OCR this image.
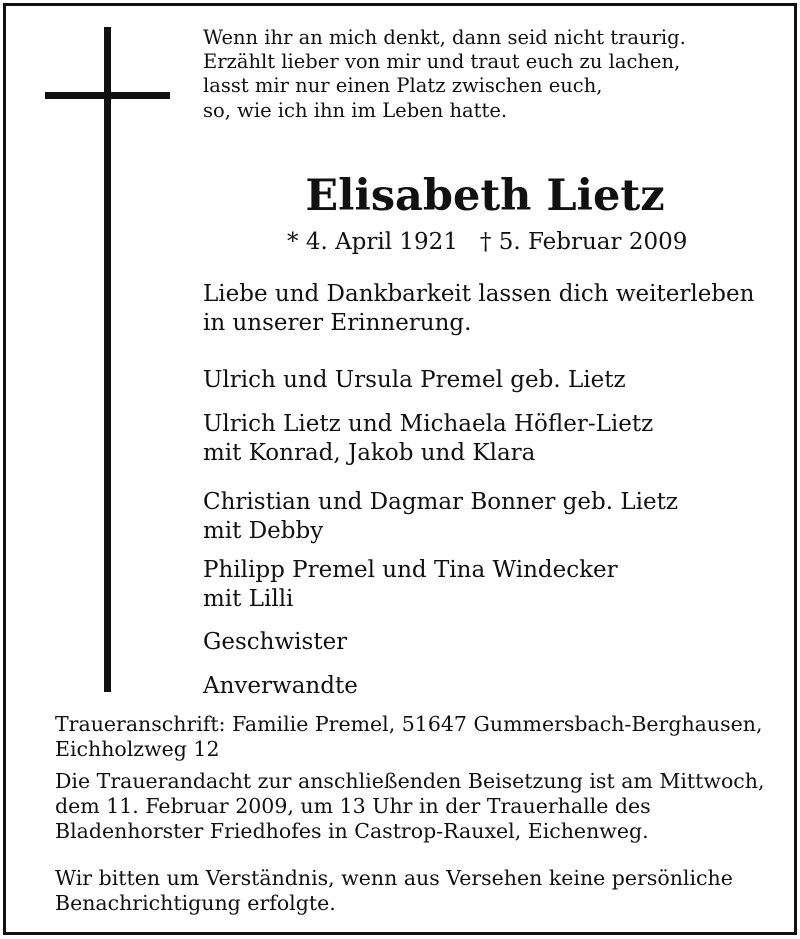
Wenn ihr an mich denkt, dann seid nicht traurig.
Erzählt lieber von mir und traut euch zu lachen,
lasst mir nur einen Platz zwischen euch,
so, wie ich ihn im Leben hatte.
Elisabeth Lietz
* 4. April 1921 † 5. Februar 2009
Liebe und Dankbarkeit lassen dich weiterleben
in unserer Erinnerung.
Ulrich und Ursula Premel geb. Lietz
Ulrich Lietz und Michaela Höfler-Lietz
mit Konrad, Jakob und Klara
Christian und Dagmar Bonner geb. Lietz
mit Debby
Philipp Premel und Tina Windecker
mit Lilli
Geschwister
Anverwandte
Traueranschrift: Familie Premel, 51647 Gummersbach-Berghausen,
Eichholzweg 12
Die Trauerandacht zur anschließenden Beisetzung ist am Mittwoch,
dem 11. Februar 2009, um 13 Uhr in der Trauerhalle des
Bladenhorster Friedhofes in Castrop-Rauxel, Eichenweg.
Wir bitten um Verständnis, wenn aus Versehen keine persönliche
Benachrichtigung erfolgte.
